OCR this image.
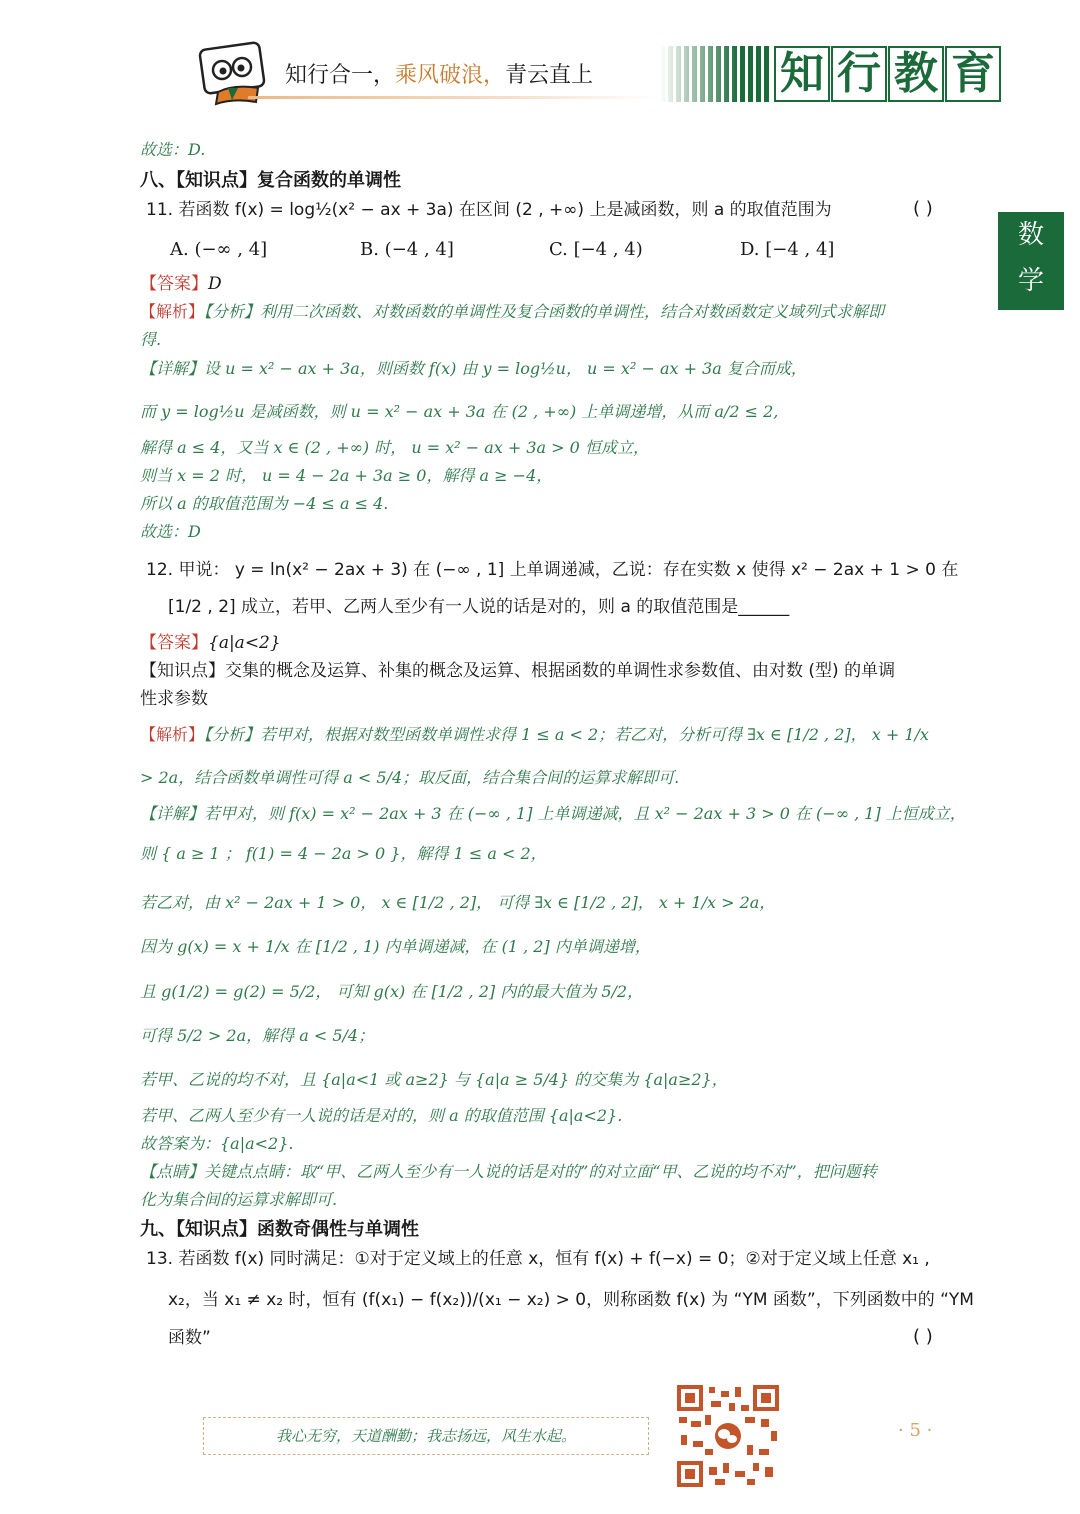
知行合一，乘风破浪，青云直上	知 行 教 育
数
学
故选：D.
八、【知识点】复合函数的单调性
11. 若函数 f(x) = log½(x² − ax + 3a) 在区间 (2 , +∞) 上是减函数，则 a 的取值范围为	( )
A. (−∞ , 4]	B. (−4 , 4]	C. [−4 , 4)	D. [−4 , 4]
【答案】D
【解析】【分析】利用二次函数、对数函数的单调性及复合函数的单调性，结合对数函数定义域列式求解即
得.
【详解】设 u = x² − ax + 3a，则函数 f(x) 由 y = log½u， u = x² − ax + 3a 复合而成，
而 y = log½u 是减函数，则 u = x² − ax + 3a 在 (2 , +∞) 上单调递增，从而 a/2 ≤ 2,
解得 a ≤ 4，又当 x ∈ (2 , +∞) 时， u = x² − ax + 3a > 0 恒成立，
则当 x = 2 时， u = 4 − 2a + 3a ≥ 0，解得 a ≥ −4，
所以 a 的取值范围为 −4 ≤ a ≤ 4.
故选：D
12. 甲说： y = ln(x² − 2ax + 3) 在 (−∞ , 1] 上单调递减，乙说：存在实数 x 使得 x² − 2ax + 1 > 0 在
[1/2 , 2] 成立，若甲、乙两人至少有一人说的话是对的，则 a 的取值范围是______
【答案】{a|a<2}
【知识点】交集的概念及运算、补集的概念及运算、根据函数的单调性求参数值、由对数 (型) 的单调
性求参数
【解析】【分析】若甲对，根据对数型函数单调性求得 1 ≤ a < 2；若乙对，分析可得 ∃x ∈ [1/2 , 2]， x + 1/x
> 2a，结合函数单调性可得 a < 5/4；取反面，结合集合间的运算求解即可.
【详解】若甲对，则 f(x) = x² − 2ax + 3 在 (−∞ , 1] 上单调递减，且 x² − 2ax + 3 > 0 在 (−∞ , 1] 上恒成立，
则 { a ≥ 1 ； f(1) = 4 − 2a > 0 }，解得 1 ≤ a < 2，
若乙对，由 x² − 2ax + 1 > 0， x ∈ [1/2 , 2]， 可得 ∃x ∈ [1/2 , 2]， x + 1/x > 2a，
因为 g(x) = x + 1/x 在 [1/2 , 1) 内单调递减，在 (1 , 2] 内单调递增，
且 g(1/2) = g(2) = 5/2， 可知 g(x) 在 [1/2 , 2] 内的最大值为 5/2，
可得 5/2 > 2a，解得 a < 5/4；
若甲、乙说的均不对，且 {a|a<1 或 a≥2} 与 {a|a ≥ 5/4} 的交集为 {a|a≥2}，
若甲、乙两人至少有一人说的话是对的，则 a 的取值范围 {a|a<2}.
故答案为：{a|a<2}.
【点睛】关键点点睛：取“甲、乙两人至少有一人说的话是对的”的对立面“甲、乙说的均不对”，把问题转
化为集合间的运算求解即可.
九、【知识点】函数奇偶性与单调性
13. 若函数 f(x) 同时满足：①对于定义域上的任意 x，恒有 f(x) + f(−x) = 0；②对于定义域上任意 x₁ ,
x₂，当 x₁ ≠ x₂ 时，恒有 (f(x₁) − f(x₂))/(x₁ − x₂) > 0，则称函数 f(x) 为 “YM 函数”，下列函数中的 “YM
函数”	( )
我心无穷，天道酬勤；我志扬远，风生水起。	· 5 ·
